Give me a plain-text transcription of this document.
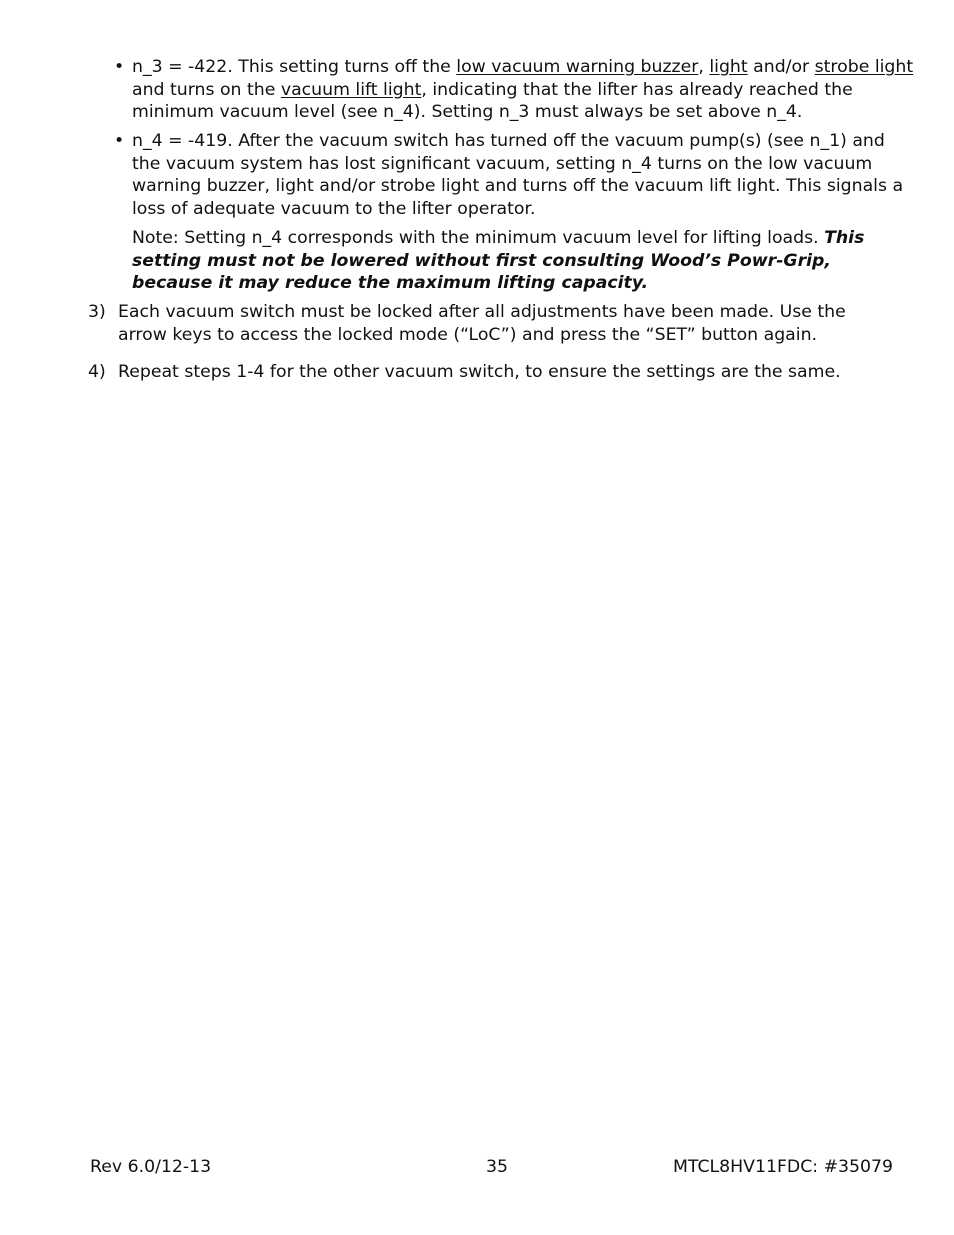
• n_3 = -422. This setting turns off the low vacuum warning buzzer, light and/or strobe light and turns on the vacuum lift light, indicating that the lifter has already reached the minimum vacuum level (see n_4). Setting n_3 must always be set above n_4.
• n_4 = -419. After the vacuum switch has turned off the vacuum pump(s) (see n_1) and the vacuum system has lost significant vacuum, setting n_4 turns on the low vacuum warning buzzer, light and/or strobe light and turns off the vacuum lift light. This signals a loss of adequate vacuum to the lifter operator.
Note: Setting n_4 corresponds with the minimum vacuum level for lifting loads. This setting must not be lowered without first consulting Wood’s Powr-Grip, because it may reduce the maximum lifting capacity.
3) Each vacuum switch must be locked after all adjustments have been made. Use the arrow keys to access the locked mode (“LoC”) and press the “SET” button again.
4) Repeat steps 1-4 for the other vacuum switch, to ensure the settings are the same.
Rev 6.0/12-13	35	MTCL8HV11FDC: #35079
